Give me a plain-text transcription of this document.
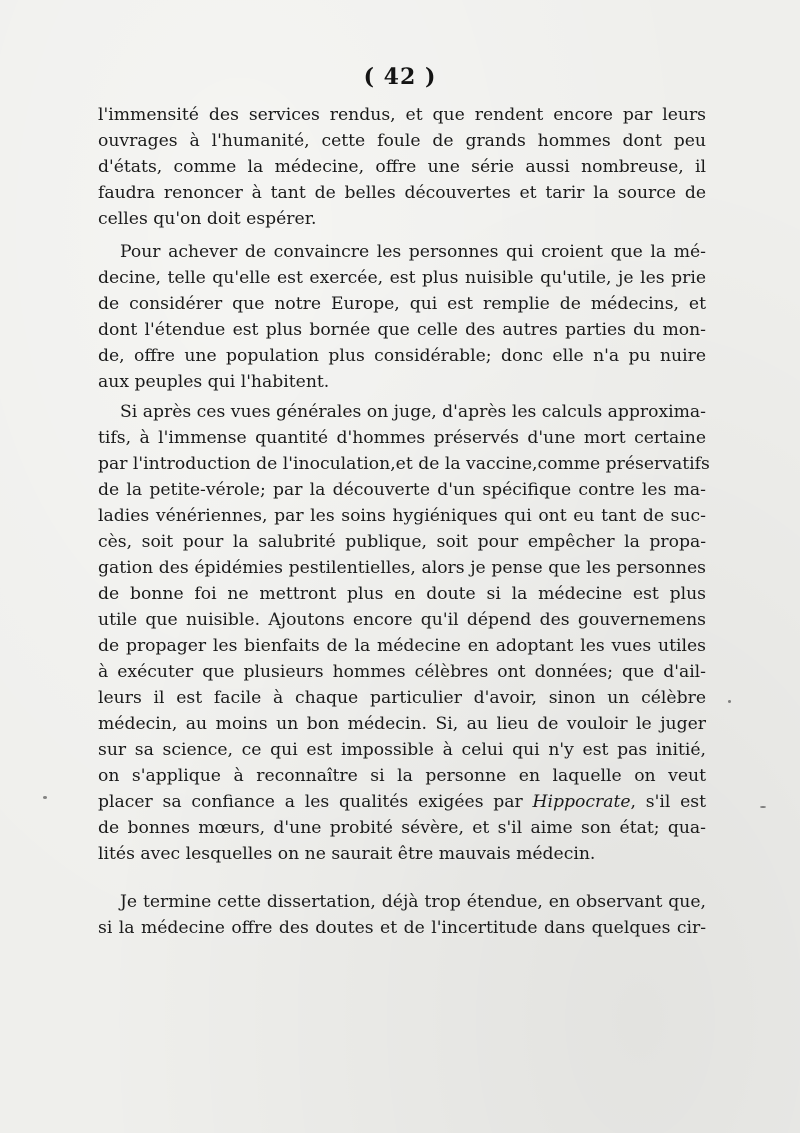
( 42 )
l'immensité des services rendus, et que rendent encore par leurs
ouvrages à l'humanité, cette foule de grands hommes dont peu
d'états, comme la médecine, offre une série aussi nombreuse, il
faudra renoncer à tant de belles découvertes et tarir la source de
celles qu'on doit espérer.
Pour achever de convaincre les personnes qui croient que la mé-
decine, telle qu'elle est exercée, est plus nuisible qu'utile, je les prie
de considérer que notre Europe, qui est remplie de médecins, et
dont l'étendue est plus bornée que celle des autres parties du mon-
de, offre une population plus considérable; donc elle n'a pu nuire
aux peuples qui l'habitent.
Si après ces vues générales on juge, d'après les calculs approxima-
tifs, à l'immense quantité d'hommes préservés d'une mort certaine
par l'introduction de l'inoculation,et de la vaccine,comme préservatifs
de la petite-vérole; par la découverte d'un spécifique contre les ma-
ladies vénériennes, par les soins hygiéniques qui ont eu tant de suc-
cès, soit pour la salubrité publique, soit pour empêcher la propa-
gation des épidémies pestilentielles, alors je pense que les personnes
de bonne foi ne mettront plus en doute si la médecine est plus
utile que nuisible. Ajoutons encore qu'il dépend des gouvernemens
de propager les bienfaits de la médecine en adoptant les vues utiles
à exécuter que plusieurs hommes célèbres ont données; que d'ail-
leurs il est facile à chaque particulier d'avoir, sinon un célèbre
médecin, au moins un bon médecin. Si, au lieu de vouloir le juger
sur sa science, ce qui est impossible à celui qui n'y est pas initié,
on s'applique à reconnaître si la personne en laquelle on veut
placer sa confiance a les qualités exigées par Hippocrate, s'il est
de bonnes mœurs, d'une probité sévère, et s'il aime son état; qua-
lités avec lesquelles on ne saurait être mauvais médecin.
Je termine cette dissertation, déjà trop étendue, en observant que,
si la médecine offre des doutes et de l'incertitude dans quelques cir-
